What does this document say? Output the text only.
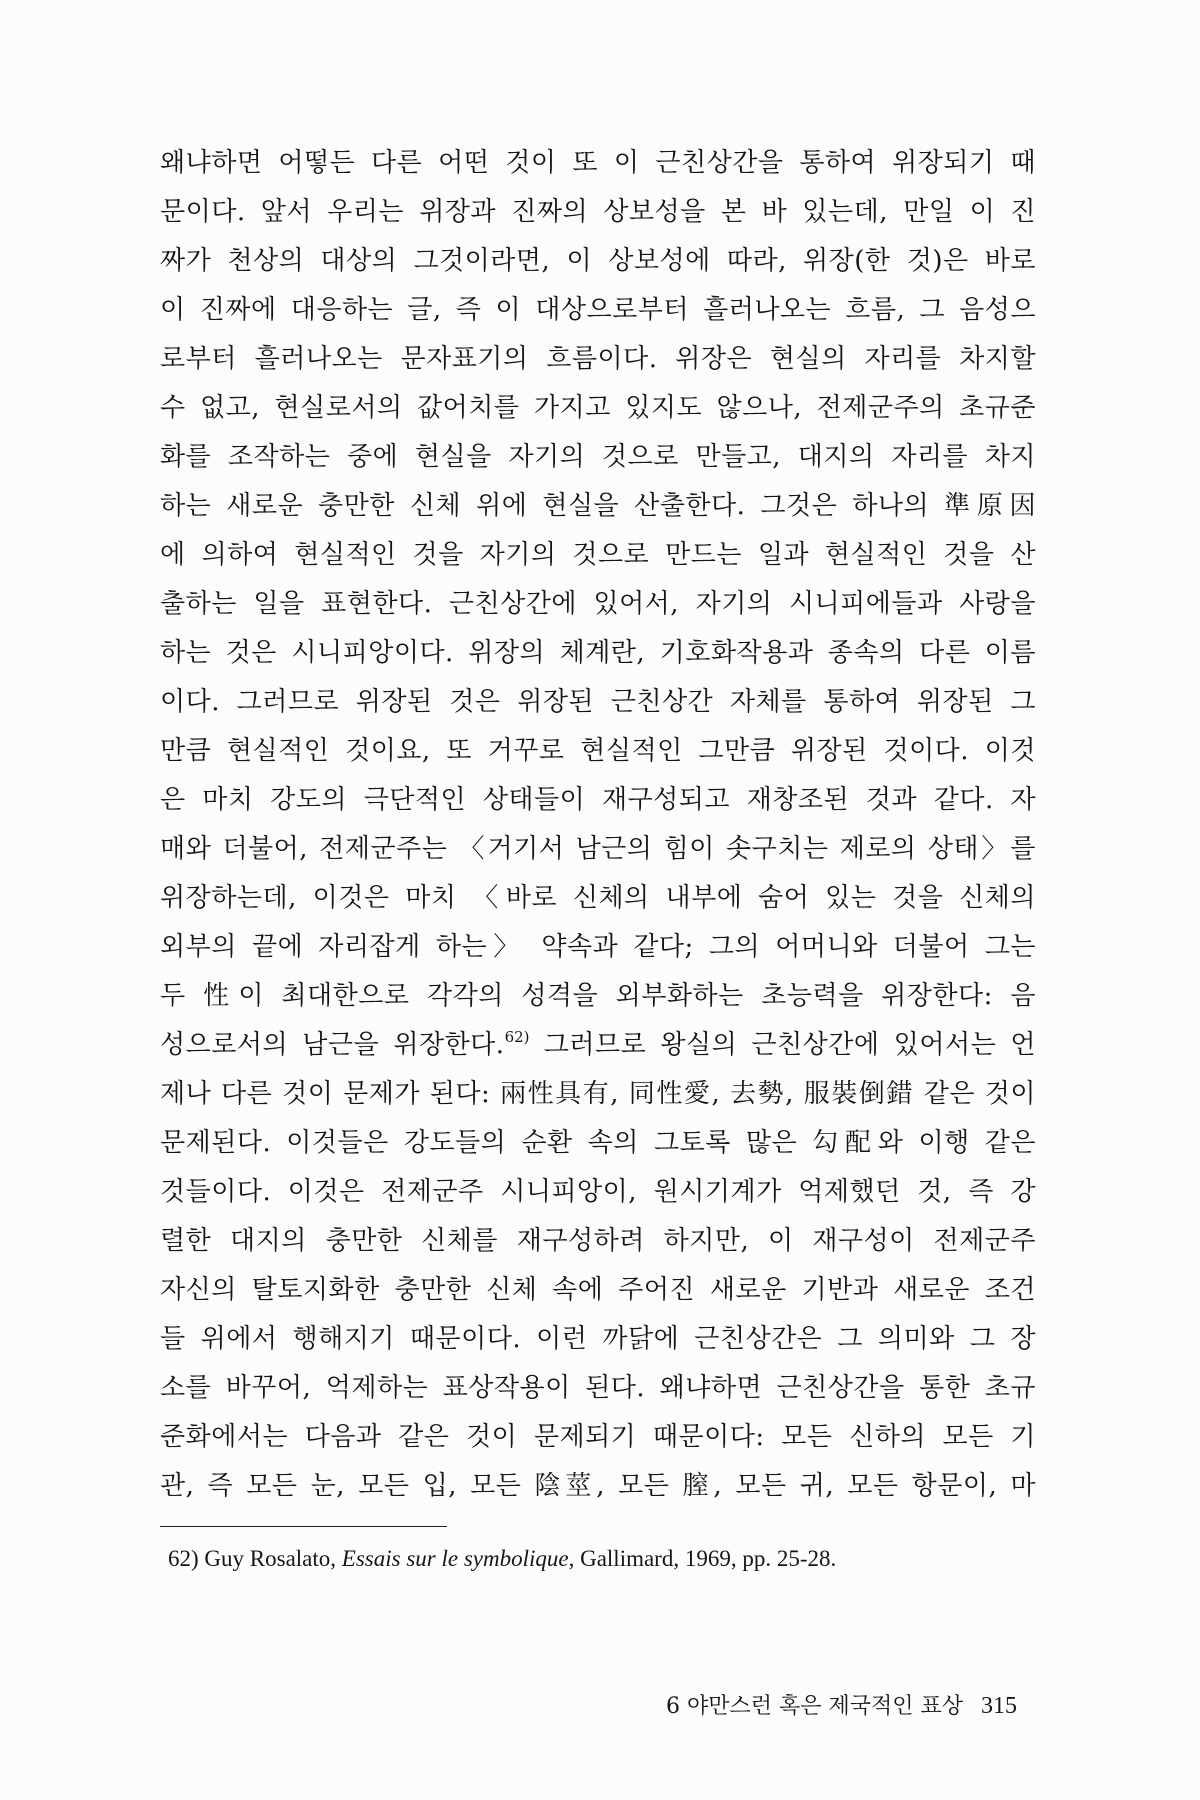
왜냐하면 어떻든 다른 어떤 것이 또 이 근친상간을 통하여 위장되기 때
문이다. 앞서 우리는 위장과 진짜의 상보성을 본 바 있는데, 만일 이 진
짜가 천상의 대상의 그것이라면, 이 상보성에 따라, 위장(한 것)은 바로
이 진짜에 대응하는 글, 즉 이 대상으로부터 흘러나오는 흐름, 그 음성으
로부터 흘러나오는 문자표기의 흐름이다. 위장은 현실의 자리를 차지할
수 없고, 현실로서의 값어치를 가지고 있지도 않으나, 전제군주의 초규준
화를 조작하는 중에 현실을 자기의 것으로 만들고, 대지의 자리를 차지
하는 새로운 충만한 신체 위에 현실을 산출한다. 그것은 하나의 準原因
에 의하여 현실적인 것을 자기의 것으로 만드는 일과 현실적인 것을 산
출하는 일을 표현한다. 근친상간에 있어서, 자기의 시니피에들과 사랑을
하는 것은 시니피앙이다. 위장의 체계란, 기호화작용과 종속의 다른 이름
이다. 그러므로 위장된 것은 위장된 근친상간 자체를 통하여 위장된 그
만큼 현실적인 것이요, 또 거꾸로 현실적인 그만큼 위장된 것이다. 이것
은 마치 강도의 극단적인 상태들이 재구성되고 재창조된 것과 같다. 자
매와 더불어, 전제군주는 〈거기서 남근의 힘이 솟구치는 제로의 상태〉를
위장하는데, 이것은 마치 〈바로 신체의 내부에 숨어 있는 것을 신체의
외부의 끝에 자리잡게 하는〉 약속과 같다; 그의 어머니와 더불어 그는
두 性이 최대한으로 각각의 성격을 외부화하는 초능력을 위장한다: 음
성으로서의 남근을 위장한다.$^{62)}$ 그러므로 왕실의 근친상간에 있어서는 언
제나 다른 것이 문제가 된다: 兩性具有, 同性愛, 去勢, 服裝倒錯 같은 것이
문제된다. 이것들은 강도들의 순환 속의 그토록 많은 勾配와 이행 같은
것들이다. 이것은 전제군주 시니피앙이, 원시기계가 억제했던 것, 즉 강
렬한 대지의 충만한 신체를 재구성하려 하지만, 이 재구성이 전제군주
자신의 탈토지화한 충만한 신체 속에 주어진 새로운 기반과 새로운 조건
들 위에서 행해지기 때문이다. 이런 까닭에 근친상간은 그 의미와 그 장
소를 바꾸어, 억제하는 표상작용이 된다. 왜냐하면 근친상간을 통한 초규
준화에서는 다음과 같은 것이 문제되기 때문이다: 모든 신하의 모든 기
관, 즉 모든 눈, 모든 입, 모든 陰莖, 모든 膣, 모든 귀, 모든 항문이, 마
62) Guy Rosalato, Essais sur le symbolique, Gallimard, 1969, pp. 25-28.
6 야만스런 혹은 제국적인 표상 315
